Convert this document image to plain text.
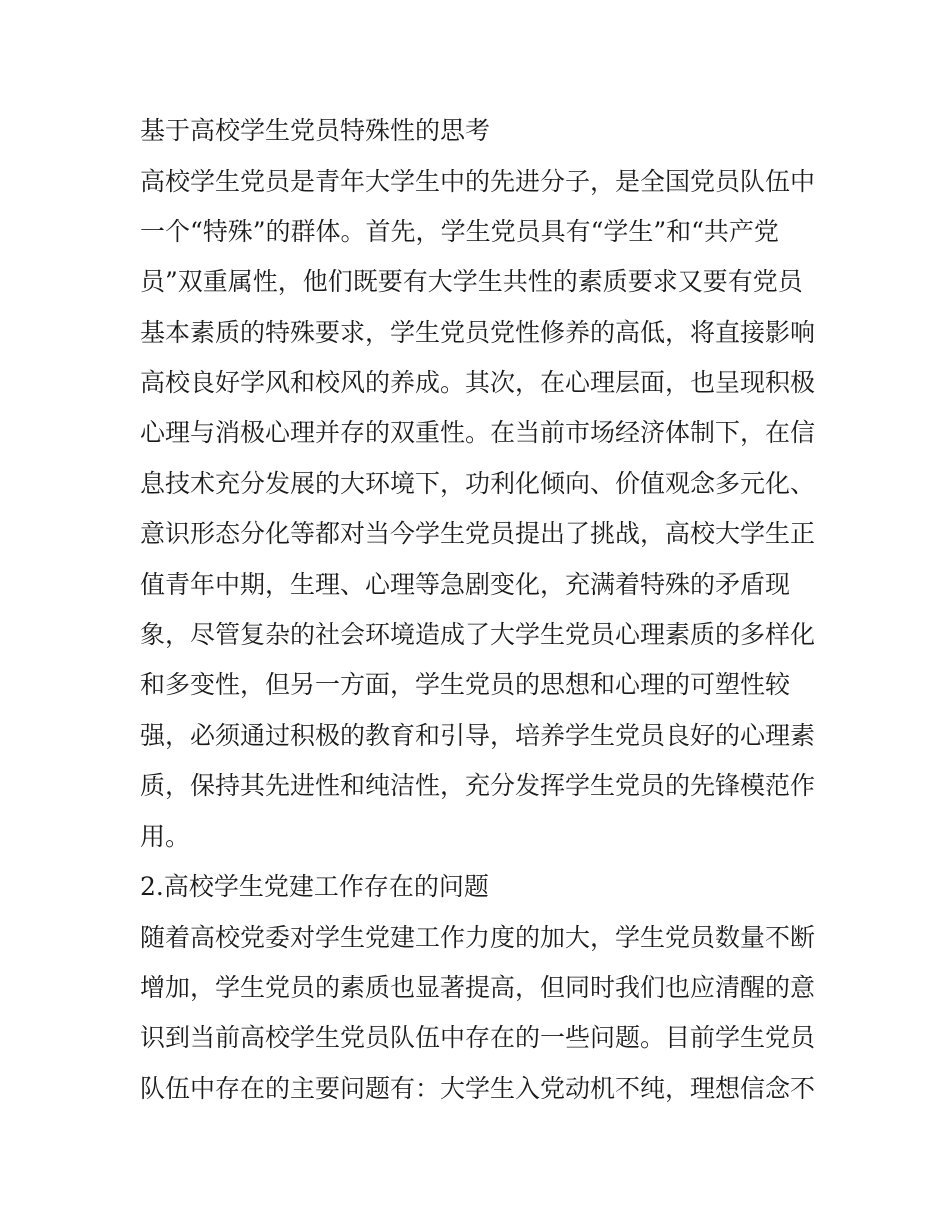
基于高校学生党员特殊性的思考

高校学生党员是青年大学生中的先进分子，是全国党员队伍中

一个“特殊”的群体。首先，学生党员具有“学生”和“共产党

员”双重属性，他们既要有大学生共性的素质要求又要有党员

基本素质的特殊要求，学生党员党性修养的高低，将直接影响

高校良好学风和校风的养成。其次，在心理层面，也呈现积极

心理与消极心理并存的双重性。在当前市场经济体制下，在信

息技术充分发展的大环境下，功利化倾向、价值观念多元化、

意识形态分化等都对当今学生党员提出了挑战，高校大学生正

值青年中期，生理、心理等急剧变化，充满着特殊的矛盾现

象，尽管复杂的社会环境造成了大学生党员心理素质的多样化

和多变性，但另一方面，学生党员的思想和心理的可塑性较

强，必须通过积极的教育和引导，培养学生党员良好的心理素

质，保持其先进性和纯洁性，充分发挥学生党员的先锋模范作

用。

2.高校学生党建工作存在的问题

随着高校党委对学生党建工作力度的加大，学生党员数量不断

增加，学生党员的素质也显著提高，但同时我们也应清醒的意

识到当前高校学生党员队伍中存在的一些问题。目前学生党员

队伍中存在的主要问题有：大学生入党动机不纯，理想信念不
